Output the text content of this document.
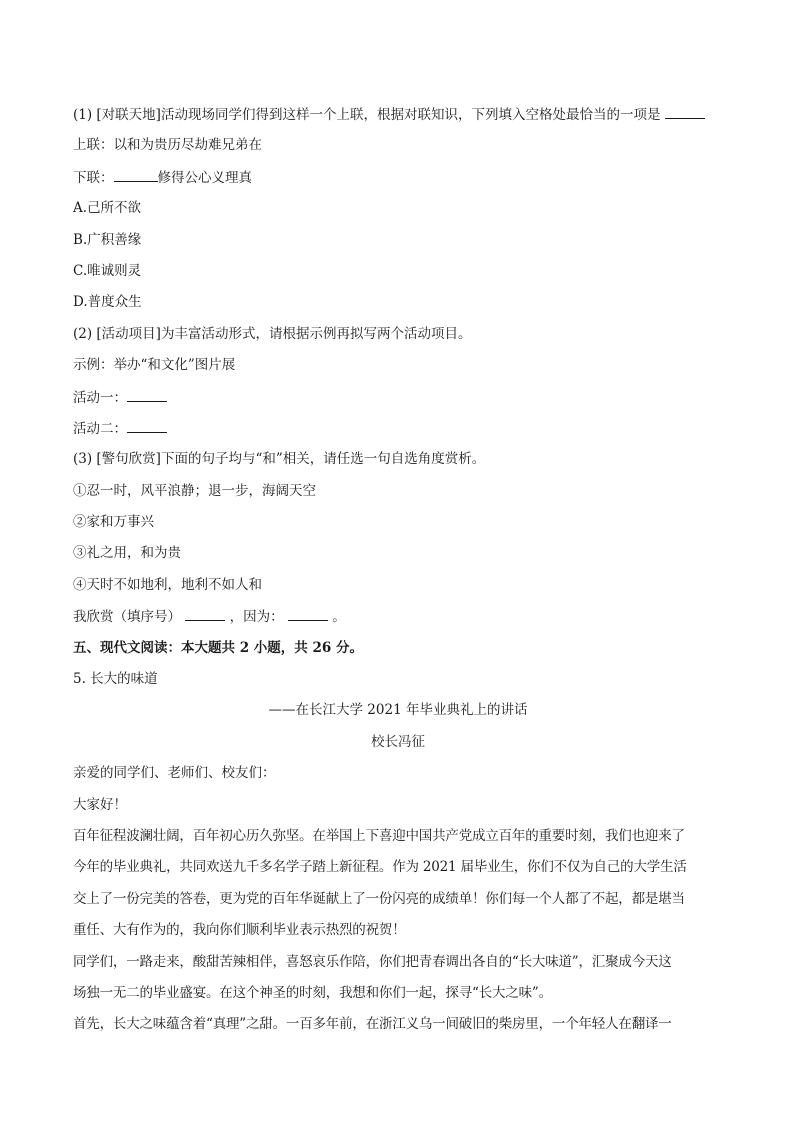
(1) [对联天地]活动现场同学们得到这样一个上联，根据对联知识，下列填入空格处最恰当的一项是
上联：以和为贵历尽劫难兄弟在
下联：	修得公心义理真
A.己所不欲
B.广积善缘
C.唯诚则灵
D.普度众生
(2) [活动项目]为丰富活动形式，请根据示例再拟写两个活动项目。
示例：举办“和文化”图片展
活动一：
活动二：
(3) [警句欣赏]下面的句子均与“和”相关，请任选一句自选角度赏析。
①忍一时，风平浪静；退一步，海阔天空
②家和万事兴
③礼之用，和为贵
④天时不如地利，地利不如人和
我欣赏（填序号）	，因为：	。
五、现代文阅读：本大题共 2 小题，共 26 分。
5. 长大的味道
——在长江大学 2021 年毕业典礼上的讲话
校长冯征
亲爱的同学们、老师们、校友们：
大家好！
百年征程波澜壮阔，百年初心历久弥坚。在举国上下喜迎中国共产党成立百年的重要时刻，我们也迎来了
今年的毕业典礼，共同欢送九千多名学子踏上新征程。作为 2021 届毕业生，你们不仅为自己的大学生活
交上了一份完美的答卷，更为党的百年华诞献上了一份闪亮的成绩单！你们每一个人都了不起，都是堪当
重任、大有作为的，我向你们顺利毕业表示热烈的祝贺！
同学们，一路走来，酸甜苦辣相伴，喜怒哀乐作陪，你们把青春调出各自的“长大味道”，汇聚成今天这
场独一无二的毕业盛宴。在这个神圣的时刻，我想和你们一起，探寻“长大之味”。
首先，长大之味蕴含着“真理”之甜。一百多年前，在浙江义乌一间破旧的柴房里，一个年轻人在翻译一
